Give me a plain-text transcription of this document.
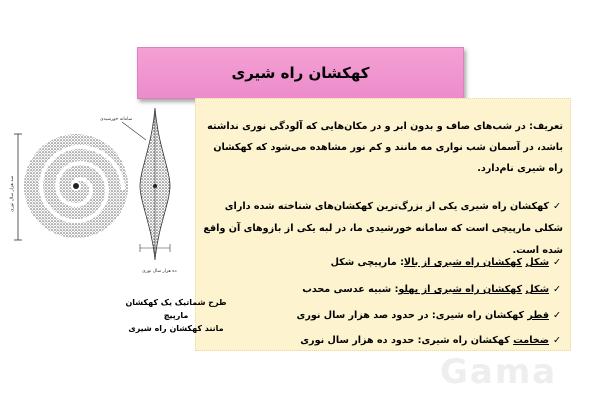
کهکشان راه شیری
تعریف: در شب‌های صاف و بدون ابر و در مکان‌هایی که آلودگی نوری نداشته باشد، در آسمان شب نواری مه مانند و کم نور مشاهده می‌شود که کهکشان راه شیری نام‌دارد.
✓کهکشان راه شیری یکی از بزرگ‌ترین کهکشان‌های شناخته شده دارای شکلی مارپیچی است که سامانه خورشیدی ما، در لبه یکی از بازوهای آن واقع شده است.
✓شکل کهکشان راه شیری از بالا: مارپیچی شکل
✓شکل کهکشان راه شیری از پهلو: شبیه عدسی محدب
✓قطر کهکشان راه شیری: در حدود صد هزار سال نوری
✓ضخامت کهکشان راه شیری: حدود ده هزار سال نوری
صد هزار سال نوری
سامانه خورشیدی
ده هزار سال نوری
طرح شماتیک یک کهکشان مارپیچ
مانند کهکشان راه شیری
Gama
